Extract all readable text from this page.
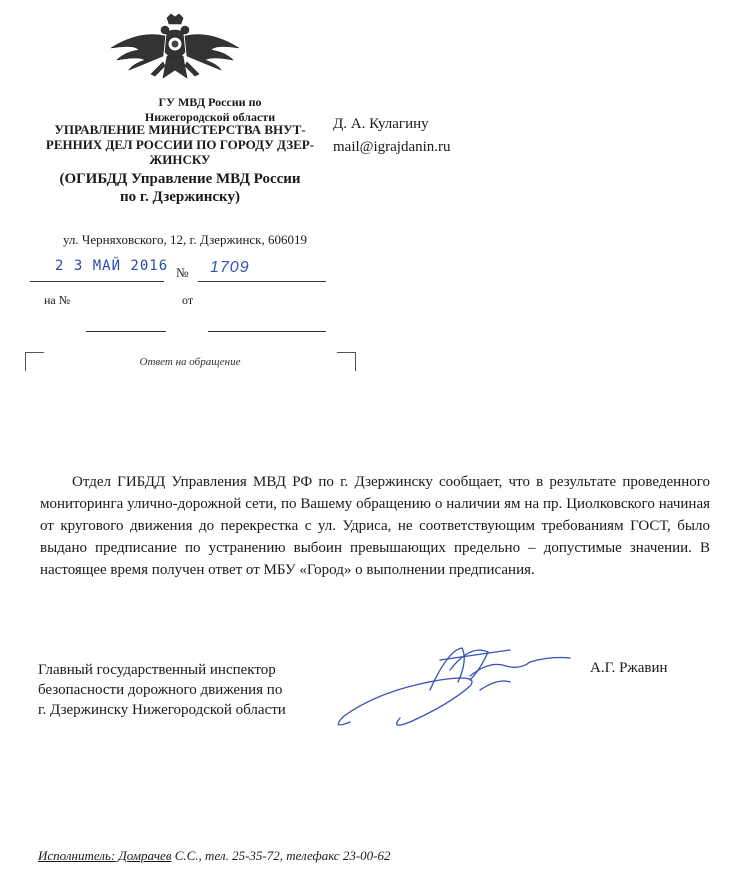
ГУ МВД России по
Нижегородской области
УПРАВЛЕНИЕ МИНИСТЕРСТВА ВНУТ-
РЕННИХ ДЕЛ РОССИИ ПО ГОРОДУ ДЗЕР-
ЖИНСКУ
(ОГИБДД Управление МВД России
по г. Дзержинску)
ул. Черняховского, 12, г. Дзержинск, 606019
2 3 МАЙ 2016 № 1709
на №	от
Ответ на обращение
Д. А. Кулагину
mail@igrajdanin.ru

Отдел ГИБДД Управления МВД РФ по г. Дзержинску сообщает, что в результате проведенного мониторинга улично-дорожной сети, по Вашему обращению о наличии ям на пр. Циолковского начиная от кругового движения до перекрестка с ул. Удриса, не соответствующим требованиям ГОСТ, было выдано предписание по устранению выбоин превышающих предельно – допустимые значении. В настоящее время получен ответ от МБУ «Город» о выполнении предписания.

Главный государственный инспектор
безопасности дорожного движения по
г. Дзержинску Нижегородской области
А.Г. Ржавин
Исполнитель: Домрачев С.С., тел. 25-35-72, телефакс 23-00-62
